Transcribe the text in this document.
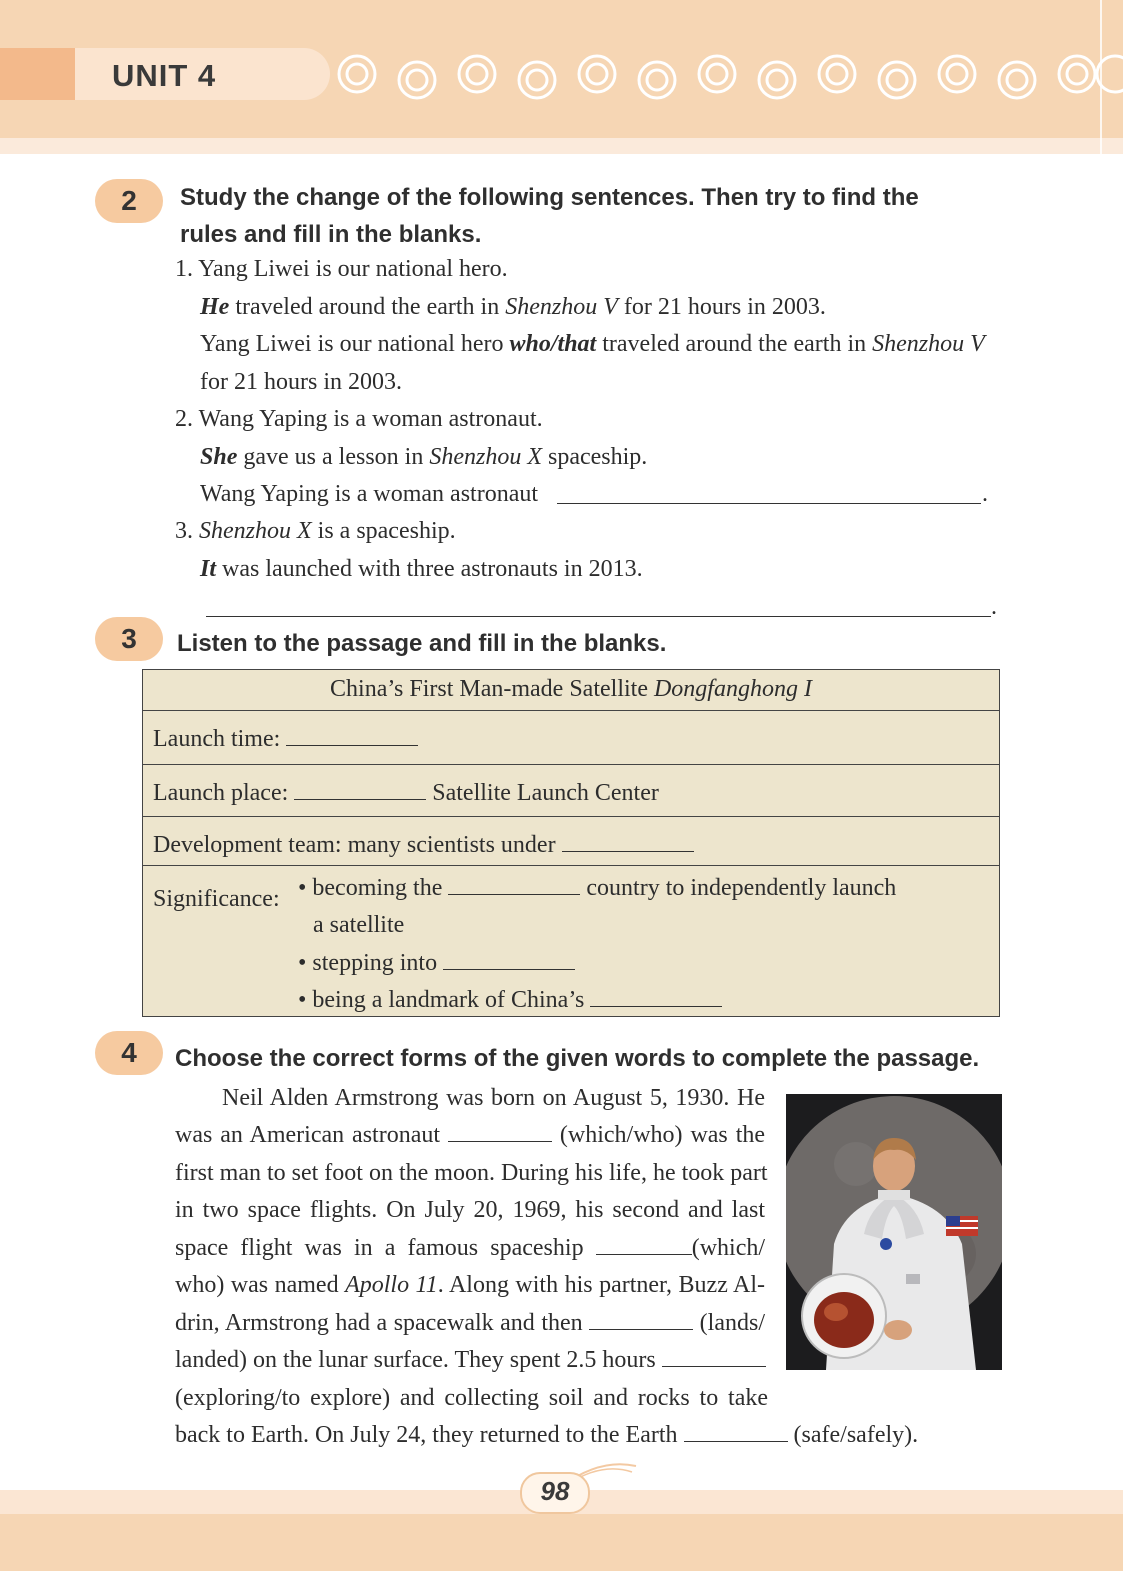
UNIT 4
2	Study the change of the following sentences. Then try to find the
rules and fill in the blanks.
1. Yang Liwei is our national hero.
He traveled around the earth in Shenzhou V for 21 hours in 2003.
Yang Liwei is our national hero who/that traveled around the earth in Shenzhou V
for 21 hours in 2003.
2. Wang Yaping is a woman astronaut.
She gave us a lesson in Shenzhou X spaceship.
Wang Yaping is a woman astronaut	.
3. Shenzhou X is a spaceship.
It was launched with three astronauts in 2013.
.
3	Listen to the passage and fill in the blanks.
China’s First Man-made Satellite Dongfanghong I
Launch time:
Launch place:	Satellite Launch Center
Development team: many scientists under
Significance: • becoming the	country to independently launch
a satellite
• stepping into
• being a landmark of China’s
4	Choose the correct forms of the given words to complete the passage.
Neil Alden Armstrong was born on August 5, 1930. He
was an American astronaut	(which/who) was the
first man to set foot on the moon. During his life, he took part
in two space flights. On July 20, 1969, his second and last
space flight was in a famous spaceship	(which/
who) was named Apollo 11. Along with his partner, Buzz Al-
drin, Armstrong had a spacewalk and then	(lands/
landed) on the lunar surface. They spent 2.5 hours
(exploring/to explore) and collecting soil and rocks to take
back to Earth. On July 24, they returned to the Earth	(safe/safely).
98
